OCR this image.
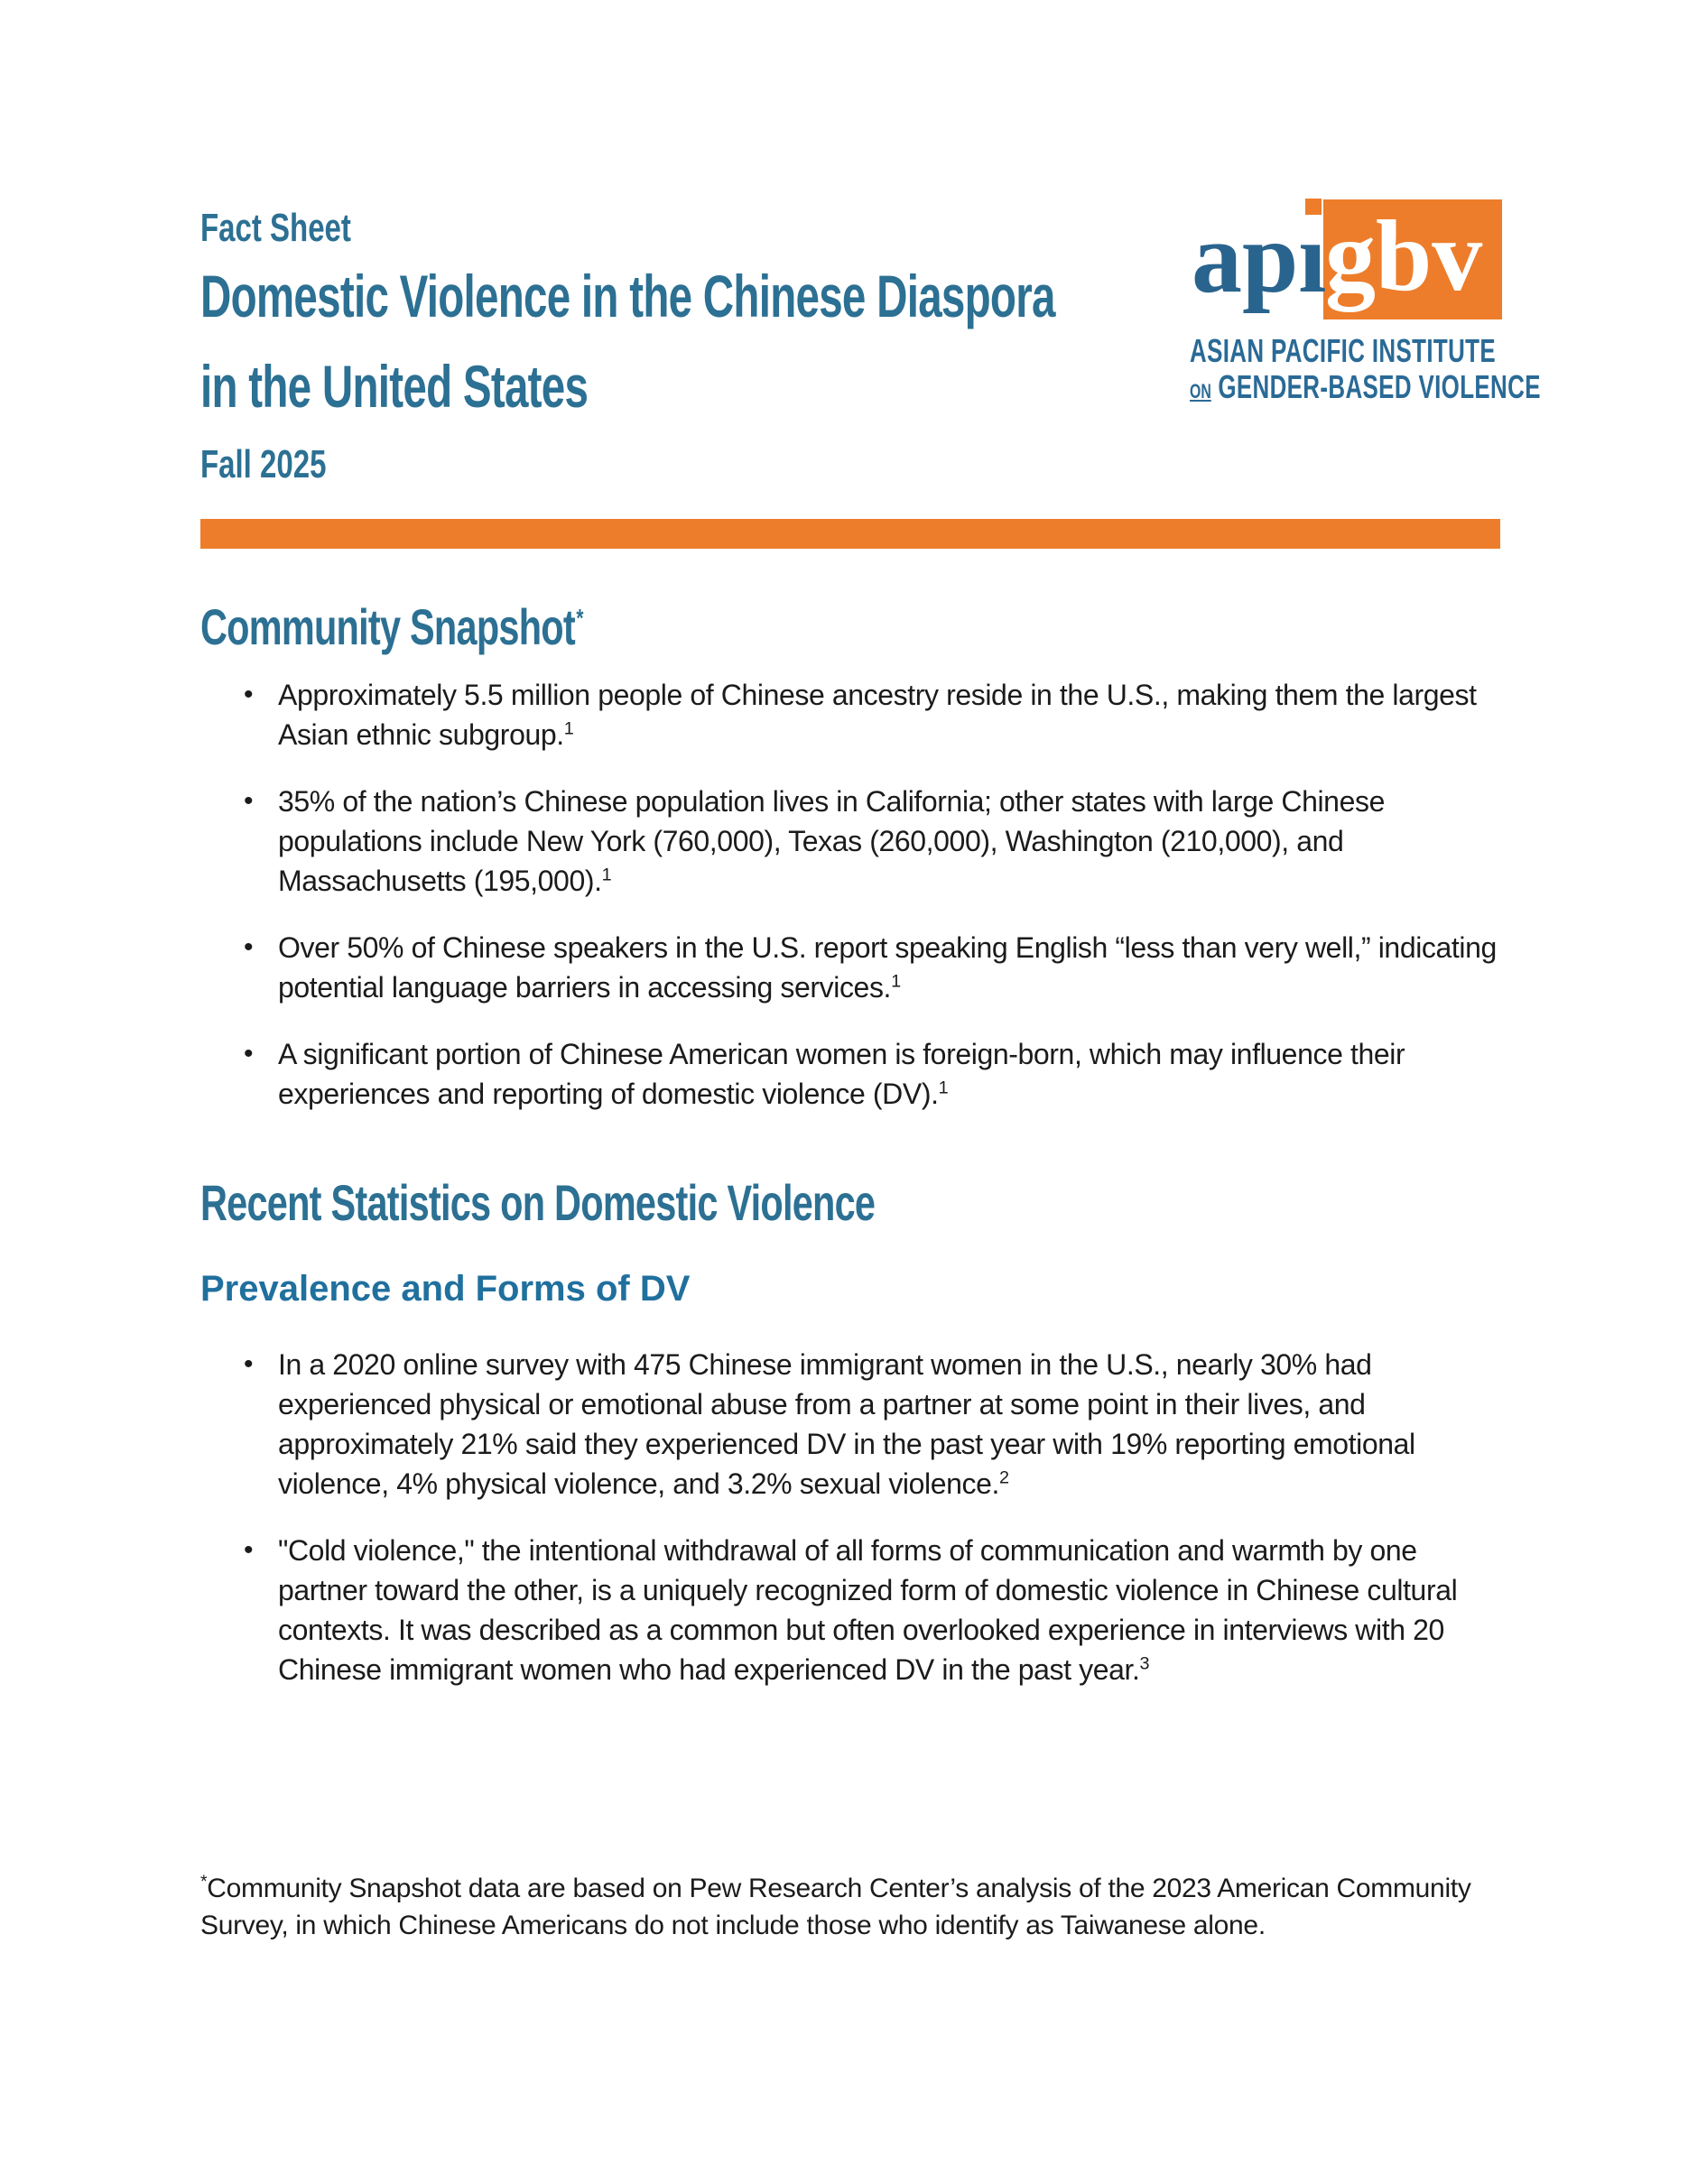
Fact Sheet
Domestic Violence in the Chinese Diaspora
in the United States
Fall 2025
gbv
apı
ASIAN PACIFIC INSTITUTE
ON GENDER-BASED VIOLENCE
Community Snapshot*
• Approximately 5.5 million people of Chinese ancestry reside in the U.S., making them the largest Asian ethnic subgroup.$^1$
• 35% of the nation’s Chinese population lives in California; other states with large Chinese populations include New York (760,000), Texas (260,000), Washington (210,000), and Massachusetts (195,000).$^1$
• Over 50% of Chinese speakers in the U.S. report speaking English “less than very well,” indicating potential language barriers in accessing services.$^1$
• A significant portion of Chinese American women is foreign-born, which may influence their experiences and reporting of domestic violence (DV).$^1$
Recent Statistics on Domestic Violence
Prevalence and Forms of DV
• In a 2020 online survey with 475 Chinese immigrant women in the U.S., nearly 30% had experienced physical or emotional abuse from a partner at some point in their lives, and approximately 21% said they experienced DV in the past year with 19% reporting emotional violence, 4% physical violence, and 3.2% sexual violence.$^2$
• "Cold violence," the intentional withdrawal of all forms of communication and warmth by one partner toward the other, is a uniquely recognized form of domestic violence in Chinese cultural contexts. It was described as a common but often overlooked experience in interviews with 20 Chinese immigrant women who had experienced DV in the past year.$^3$
*Community Snapshot data are based on Pew Research Center’s analysis of the 2023 American Community Survey, in which Chinese Americans do not include those who identify as Taiwanese alone.
